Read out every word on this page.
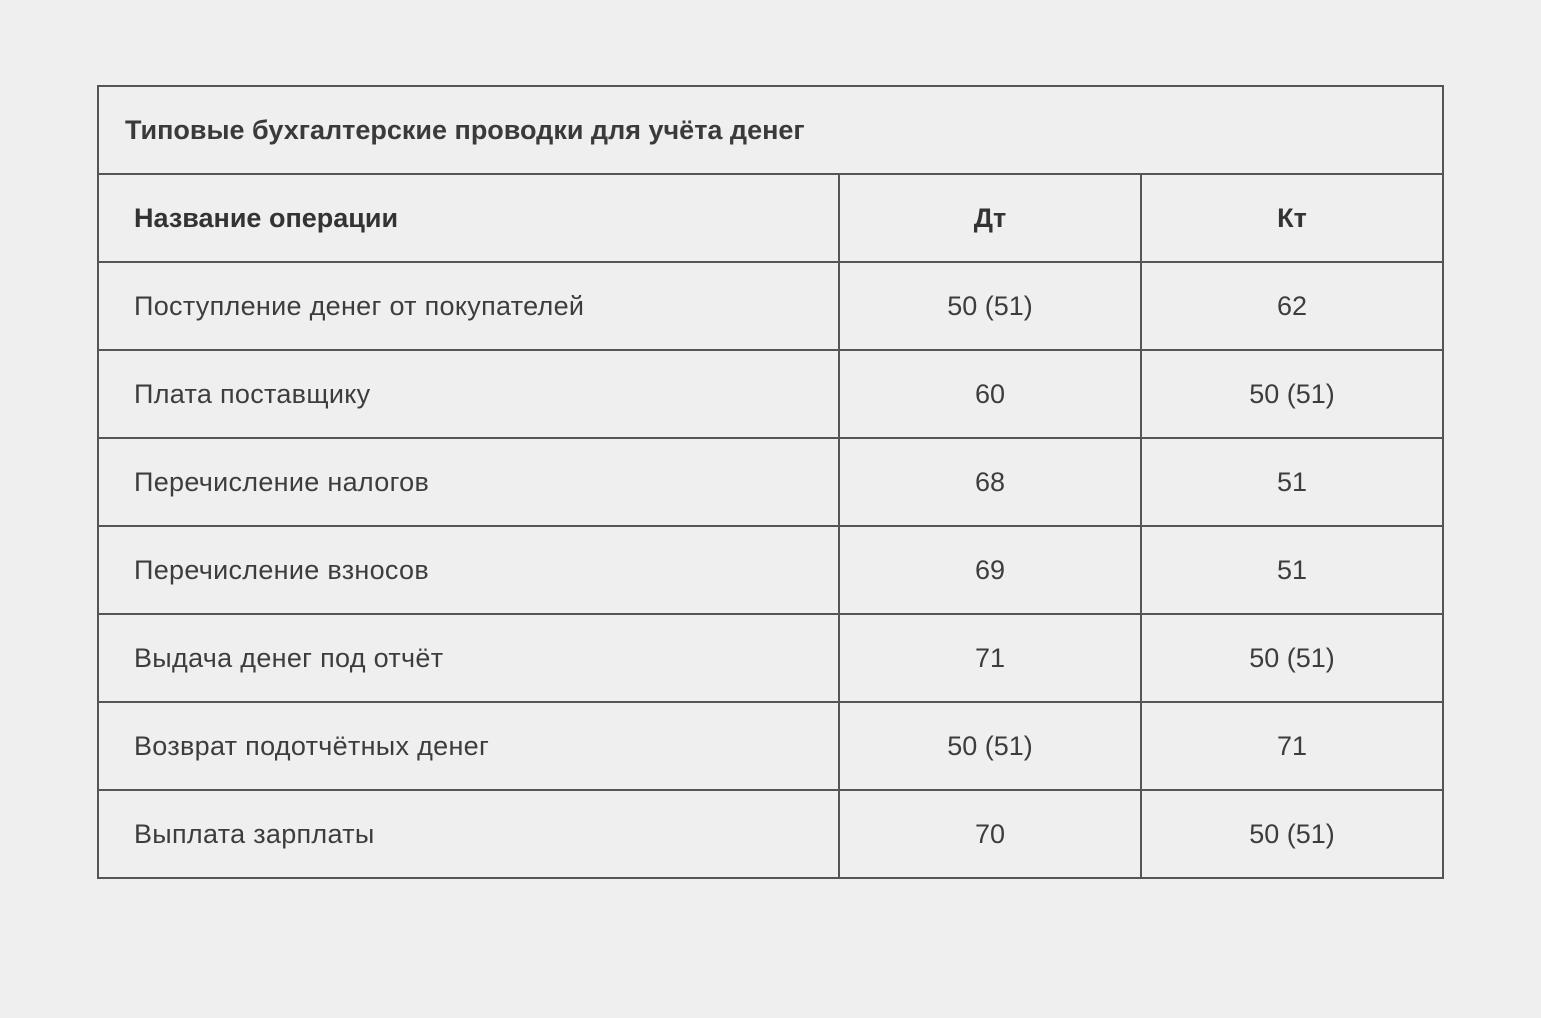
Типовые бухгалтерские проводки для учёта денег		
Название операции	Дт	Кт
Поступление денег от покупателей	50 (51)	62
Плата поставщику	60	50 (51)
Перечисление налогов	68	51
Перечисление взносов	69	51
Выдача денег под отчёт	71	50 (51)
Возврат подотчётных денег	50 (51)	71
Выплата зарплаты	70	50 (51)
